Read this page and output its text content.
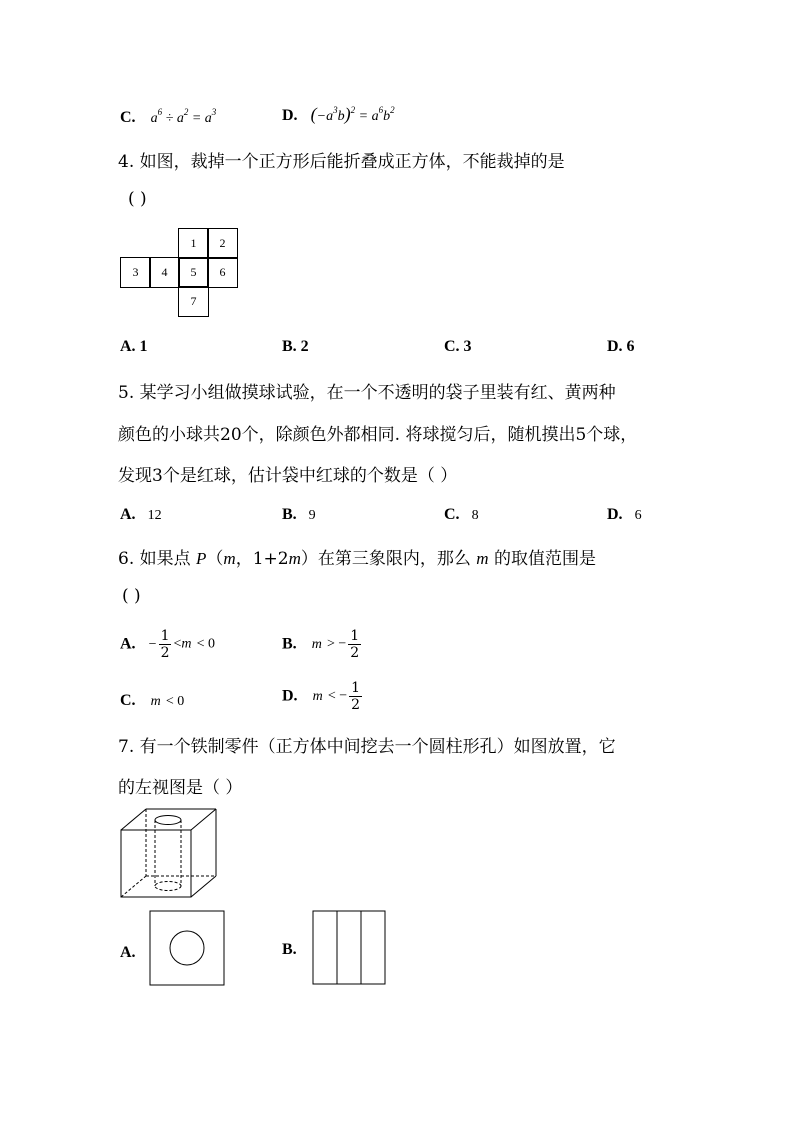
C. $a^6 \div a^2 = a^3$	D. $(-a^3b)^2 = a^6b^2$
4. 如图，裁掉一个正方形后能折叠成正方体，不能裁掉的是
( )
1	2
3	4	5	6
7
A. 1	B. 2	C. 3	D. 6
5. 某学习小组做摸球试验，在一个不透明的袋子里装有红、黄两种
颜色的小球共20个，除颜色外都相同. 将球搅匀后，随机摸出5个球，
发现3个是红球，估计袋中红球的个数是（ ）
A. 12	B. 9	C. 8	D. 6
6. 如果点 P（m，1+2m）在第三象限内，那么 m 的取值范围是
( )
A. − $\frac{1}{2} <m < 0$	B. m > − $\frac{1}{2}$
C. m < 0	D. m < − $\frac{1}{2}$
7. 有一个铁制零件（正方体中间挖去一个圆柱形孔）如图放置，它
的左视图是（ ）
A.	B.
